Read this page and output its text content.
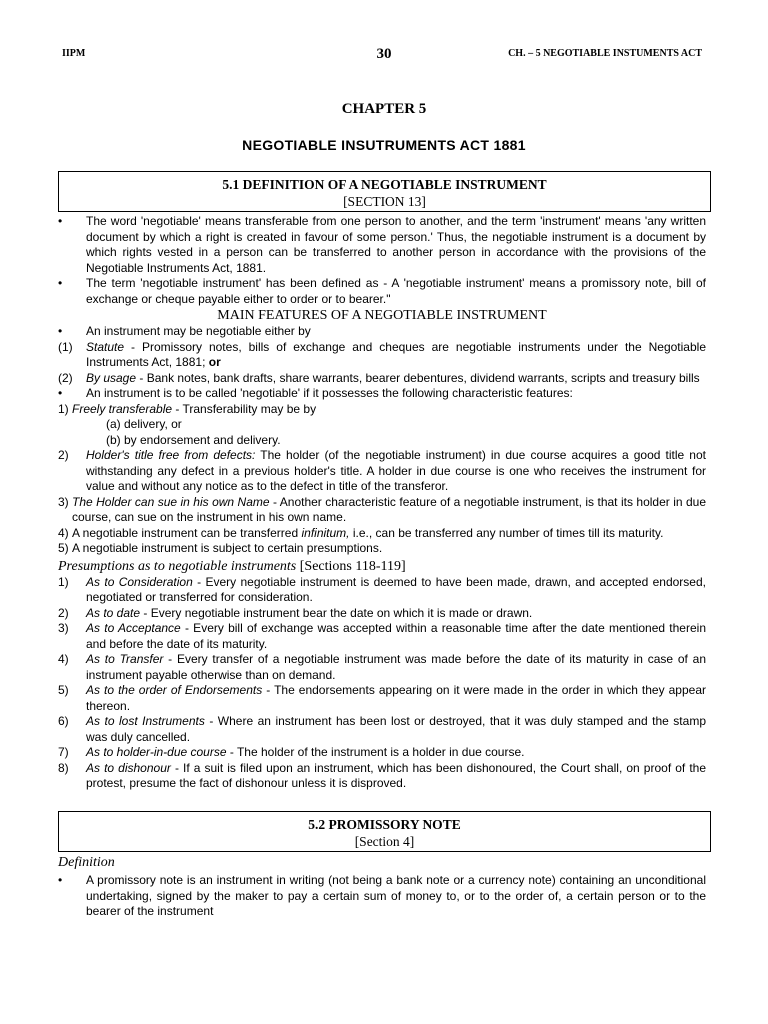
IIPM	30	CH. – 5 NEGOTIABLE INSTUMENTS ACT
CHAPTER 5
NEGOTIABLE INSUTRUMENTS ACT 1881
5.1 DEFINITION OF A NEGOTIABLE INSTRUMENT
[SECTION 13]
• The word 'negotiable' means transferable from one person to another, and the term 'instrument' means 'any written document by which a right is created in favour of some person.' Thus, the negotiable instrument is a document by which rights vested in a person can be transferred to another person in accordance with the provisions of the Negotiable Instruments Act, 1881.
• The term 'negotiable instrument' has been defined as - A 'negotiable instrument' means a promissory note, bill of exchange or cheque payable either to order or to bearer."
MAIN FEATURES OF A NEGOTIABLE INSTRUMENT
• An instrument may be negotiable either by
(1) Statute - Promissory notes, bills of exchange and cheques are negotiable instruments under the Negotiable Instruments Act, 1881; or
(2) By usage - Bank notes, bank drafts, share warrants, bearer debentures, dividend warrants, scripts and treasury bills
• An instrument is to be called 'negotiable' if it possesses the following characteristic features:
1) Freely transferable - Transferability may be by
(a) delivery, or
(b) by endorsement and delivery.
2) Holder's title free from defects: The holder (of the negotiable instrument) in due course acquires a good title not withstanding any defect in a previous holder's title. A holder in due course is one who receives the instrument for value and without any notice as to the defect in title of the transferor.
3) The Holder can sue in his own Name - Another characteristic feature of a negotiable instrument, is that its holder in due course, can sue on the instrument in his own name.
4) A negotiable instrument can be transferred infinitum, i.e., can be transferred any number of times till its maturity.
5) A negotiable instrument is subject to certain presumptions.
Presumptions as to negotiable instruments [Sections 118-119]
1) As to Consideration - Every negotiable instrument is deemed to have been made, drawn, and accepted endorsed, negotiated or transferred for consideration.
2) As to date - Every negotiable instrument bear the date on which it is made or drawn.
3) As to Acceptance - Every bill of exchange was accepted within a reasonable time after the date mentioned therein and before the date of its maturity.
4) As to Transfer - Every transfer of a negotiable instrument was made before the date of its maturity in case of an instrument payable otherwise than on demand.
5) As to the order of Endorsements - The endorsements appearing on it were made in the order in which they appear thereon.
6) As to lost Instruments - Where an instrument has been lost or destroyed, that it was duly stamped and the stamp was duly cancelled.
7) As to holder-in-due course - The holder of the instrument is a holder in due course.
8) As to dishonour - If a suit is filed upon an instrument, which has been dishonoured, the Court shall, on proof of the protest, presume the fact of dishonour unless it is disproved.
5.2 PROMISSORY NOTE
[Section 4]
Definition
• A promissory note is an instrument in writing (not being a bank note or a currency note) containing an unconditional undertaking, signed by the maker to pay a certain sum of money to, or to the order of, a certain person or to the bearer of the instrument
